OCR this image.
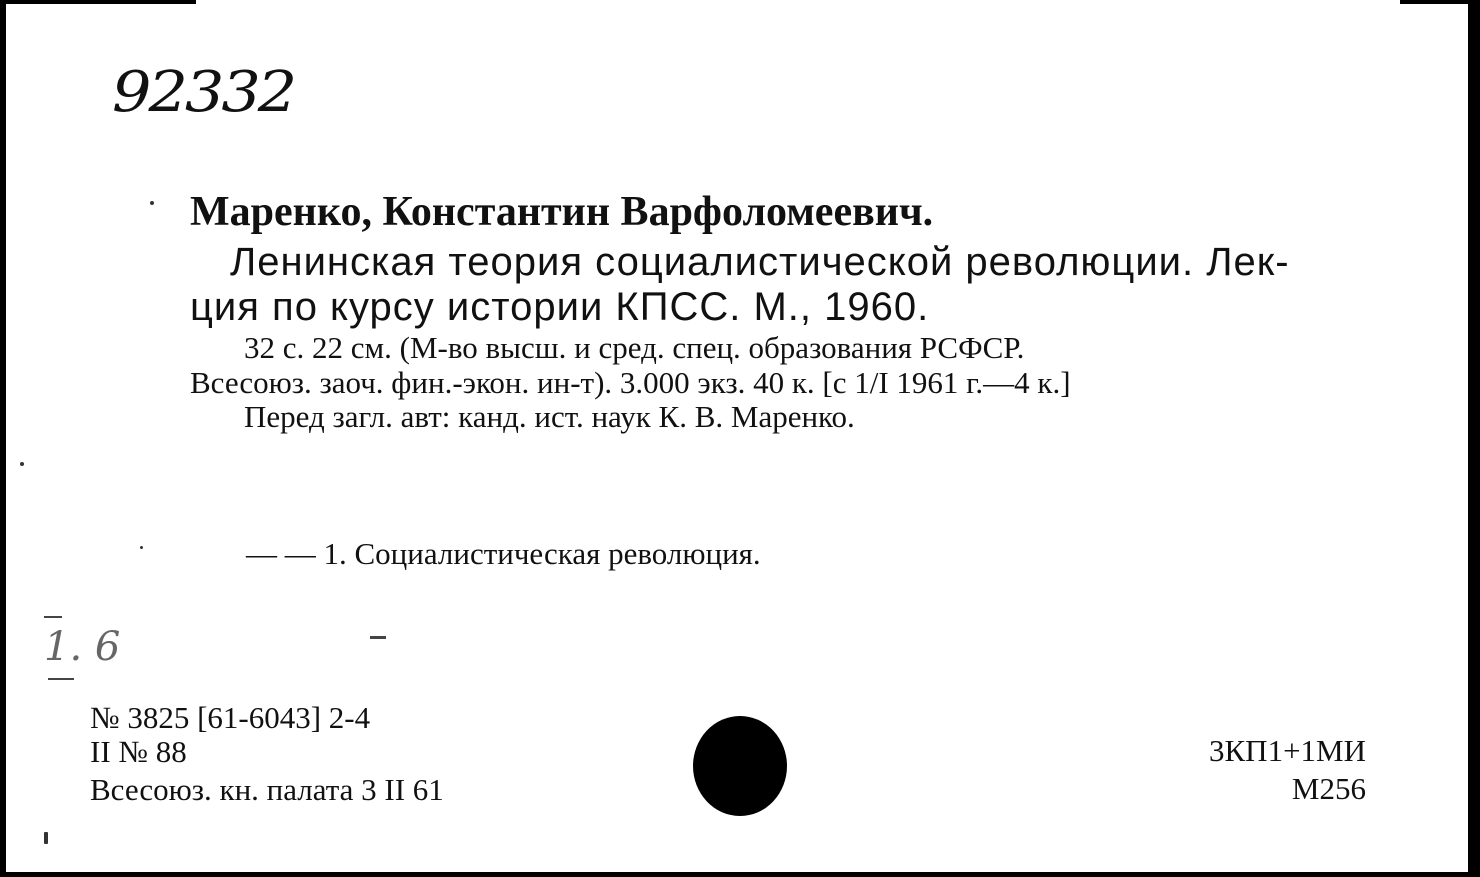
92332
Маренко, Константин Варфоломеевич.
Ленинская теория социалистической революции. Лек-
ция по курсу истории КПСС. М., 1960.
32 с. 22 см. (М-во высш. и сред. спец. образования РСФСР.
Всесоюз. заоч. фин.-экон. ин-т). 3.000 экз. 40 к. [с 1/I 1961 г.—4 к.]
Перед загл. авт: канд. ист. наук К. В. Маренко.
— — 1. Социалистическая революция.
1. 6
№ 3825 [61-6043] 2-4
II № 88
Всесоюз. кн. палата 3 II 61
3КП1+1МИ
М256
